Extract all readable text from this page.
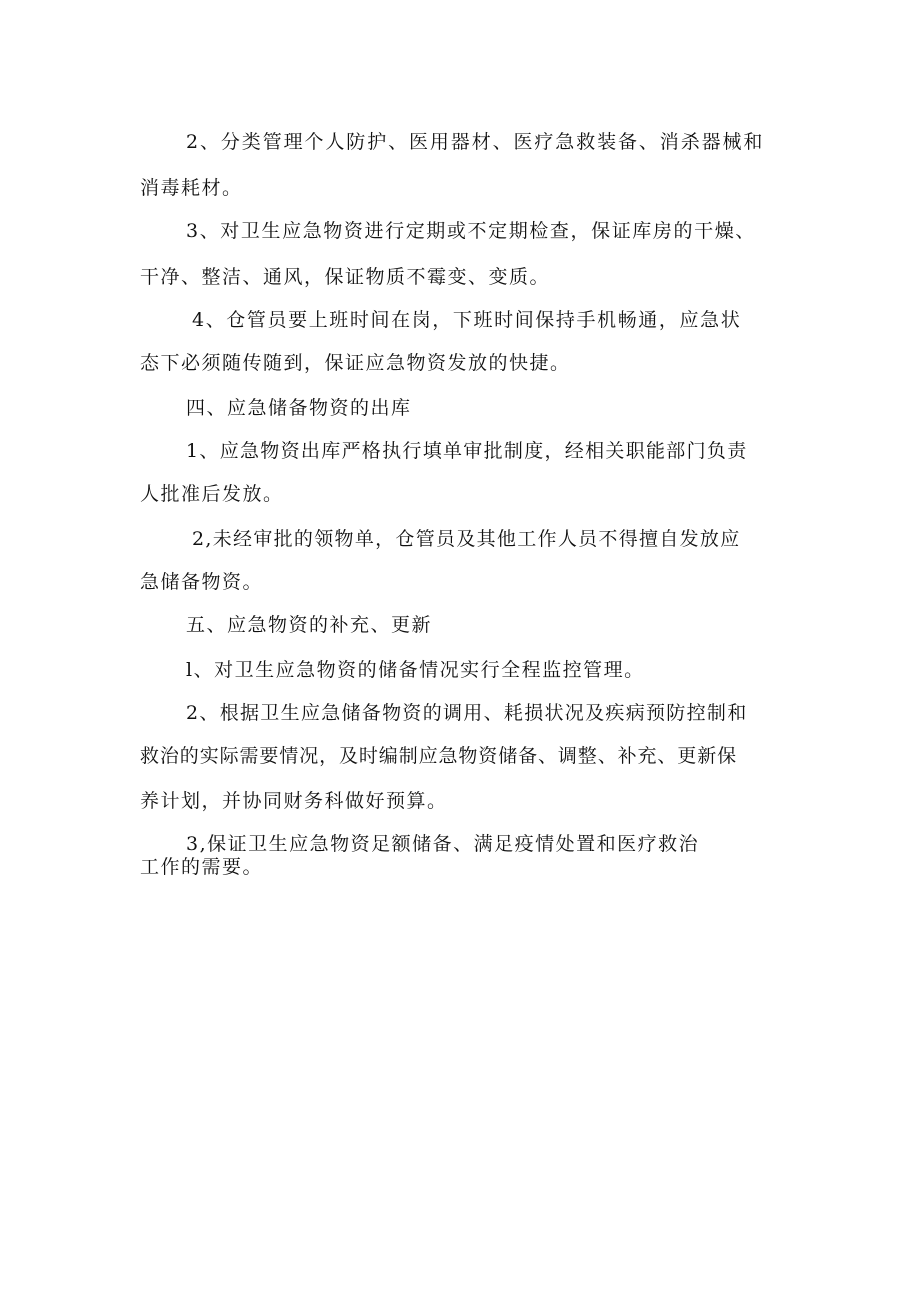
2、分类管理个人防护、医用器材、医疗急救装备、消杀器械和
消毒耗材。
3、对卫生应急物资进行定期或不定期检查，保证库房的干燥、
干净、整洁、通风，保证物质不霉变、变质。
4、仓管员要上班时间在岗，下班时间保持手机畅通，应急状
态下必须随传随到，保证应急物资发放的快捷。
四、应急储备物资的出库
1、应急物资出库严格执行填单审批制度，经相关职能部门负责
人批准后发放。
2,未经审批的领物单，仓管员及其他工作人员不得擅自发放应
急储备物资。
五、应急物资的补充、更新
l、对卫生应急物资的储备情况实行全程监控管理。
2、根据卫生应急储备物资的调用、耗损状况及疾病预防控制和
救治的实际需要情况，及时编制应急物资储备、调整、补充、更新保
养计划，并协同财务科做好预算。
3,保证卫生应急物资足额储备、满足疫情处置和医疗救治
工作的需要。
